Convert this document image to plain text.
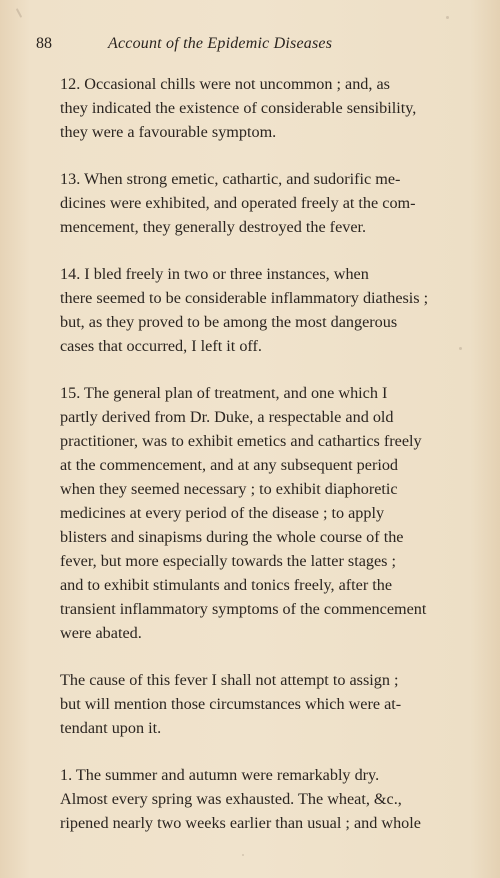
88	Account of the Epidemic Diseases

12. Occasional chills were not uncommon ; and, as
they indicated the existence of considerable sensibility,
they were a favourable symptom.

13. When strong emetic, cathartic, and sudorific me-
dicines were exhibited, and operated freely at the com-
mencement, they generally destroyed the fever.

14. I bled freely in two or three instances, when
there seemed to be considerable inflammatory diathesis ;
but, as they proved to be among the most dangerous
cases that occurred, I left it off.

15. The general plan of treatment, and one which I
partly derived from Dr. Duke, a respectable and old
practitioner, was to exhibit emetics and cathartics freely
at the commencement, and at any subsequent period
when they seemed necessary ; to exhibit diaphoretic
medicines at every period of the disease ; to apply
blisters and sinapisms during the whole course of the
fever, but more especially towards the latter stages ;
and to exhibit stimulants and tonics freely, after the
transient inflammatory symptoms of the commencement
were abated.

The cause of this fever I shall not attempt to assign ;
but will mention those circumstances which were at-
tendant upon it.

1. The summer and autumn were remarkably dry.
Almost every spring was exhausted. The wheat, &c.,
ripened nearly two weeks earlier than usual ; and whole
